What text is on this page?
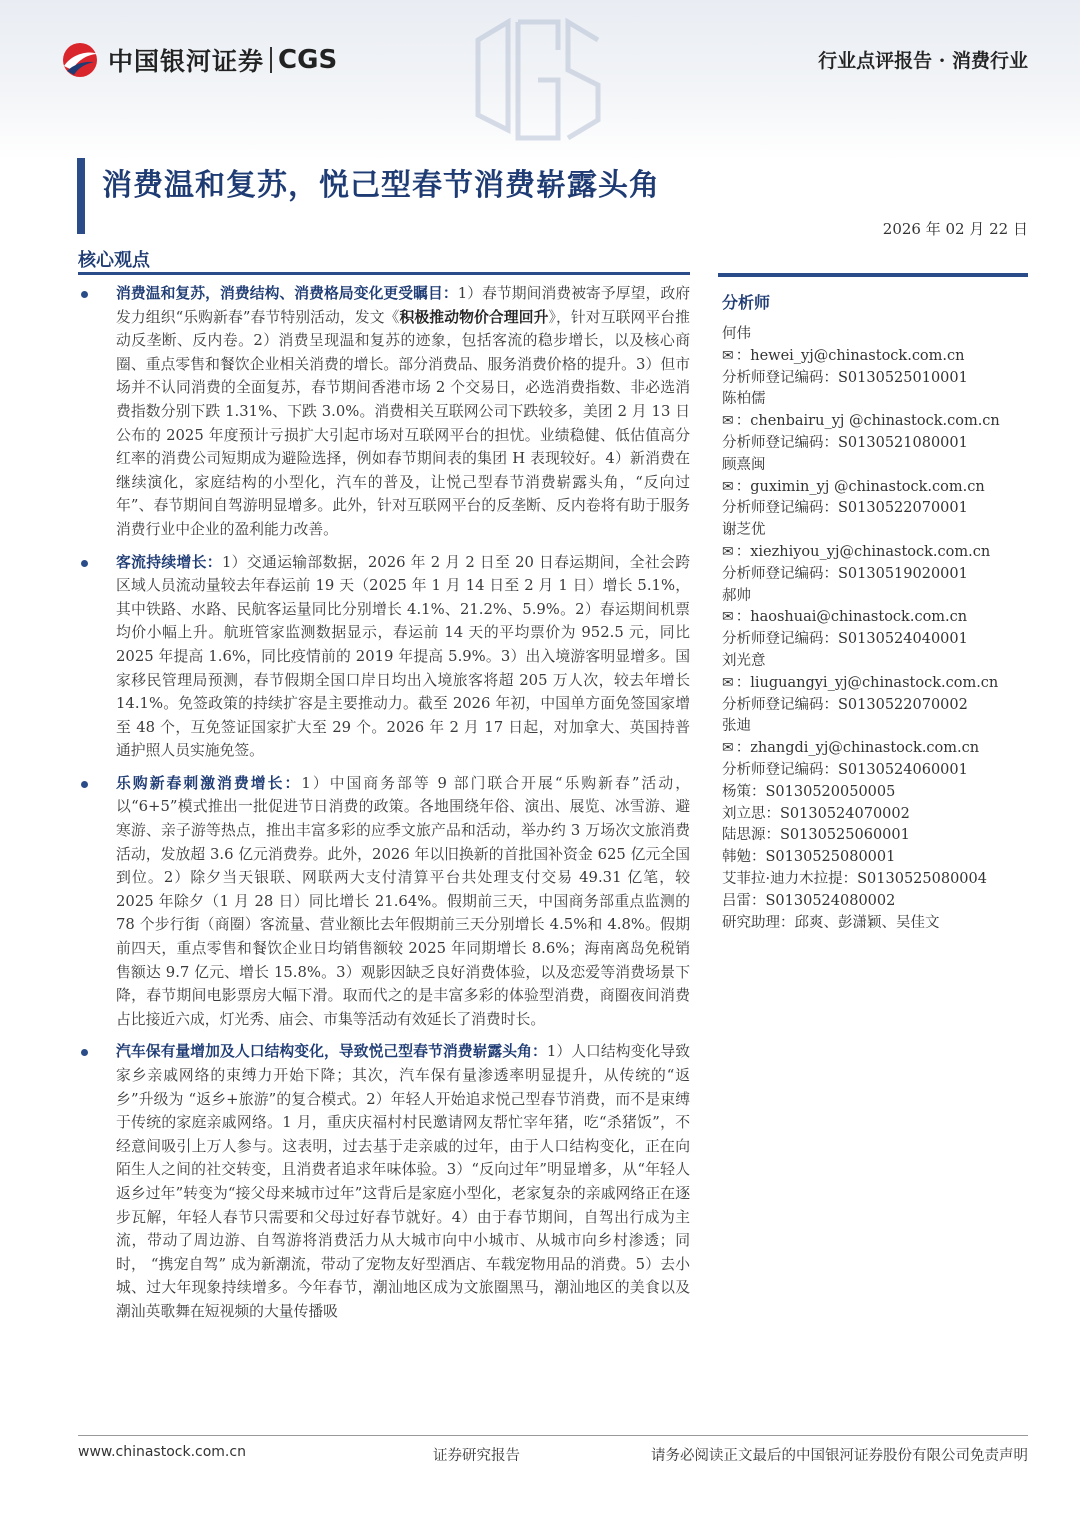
中国银河证券 CGS	行业点评报告 · 消费行业
消费温和复苏，悦己型春节消费崭露头角
2026 年 02 月 22 日
核心观点

消费温和复苏，消费结构、消费格局变化更受瞩目：1）春节期间消费被寄予厚望，政府发力组织“乐购新春”春节特别活动，发文《积极推动物价合理回升》，针对互联网平台推动反垄断、反内卷。2）消费呈现温和复苏的迹象，包括客流的稳步增长，以及核心商圈、重点零售和餐饮企业相关消费的增长。部分消费品、服务消费价格的提升。3）但市场并不认同消费的全面复苏，春节期间香港市场 2 个交易日，必选消费指数、非必选消费指数分别下跌 1.31%、下跌 3.0%。消费相关互联网公司下跌较多，美团 2 月 13 日公布的 2025 年度预计亏损扩大引起市场对互联网平台的担忧。业绩稳健、低估值高分红率的消费公司短期成为避险选择，例如春节期间表的集团 H 表现较好。4）新消费在继续演化，家庭结构的小型化，汽车的普及，让悦己型春节消费崭露头角，“反向过年”、春节期间自驾游明显增多。此外，针对互联网平台的反垄断、反内卷将有助于服务消费行业中企业的盈利能力改善。

客流持续增长：1）交通运输部数据，2026 年 2 月 2 日至 20 日春运期间，全社会跨区域人员流动量较去年春运前 19 天（2025 年 1 月 14 日至 2 月 1 日）增长 5.1%，其中铁路、水路、民航客运量同比分别增长 4.1%、21.2%、5.9%。2）春运期间机票均价小幅上升。航班管家监测数据显示，春运前 14 天的平均票价为 952.5 元，同比 2025 年提高 1.6%，同比疫情前的 2019 年提高 5.9%。3）出入境游客明显增多。国家移民管理局预测，春节假期全国口岸日均出入境旅客将超 205 万人次，较去年增长 14.1%。免签政策的持续扩容是主要推动力。截至 2026 年初，中国单方面免签国家增至 48 个，互免签证国家扩大至 29 个。2026 年 2 月 17 日起，对加拿大、英国持普通护照人员实施免签。

乐购新春刺激消费增长：1）中国商务部等 9 部门联合开展“乐购新春”活动，以“6+5”模式推出一批促进节日消费的政策。各地围绕年俗、演出、展览、冰雪游、避寒游、亲子游等热点，推出丰富多彩的应季文旅产品和活动，举办约 3 万场次文旅消费活动，发放超 3.6 亿元消费券。此外，2026 年以旧换新的首批国补资金 625 亿元全国到位。2）除夕当天银联、网联两大支付清算平台共处理支付交易 49.31 亿笔，较 2025 年除夕（1 月 28 日）同比增长 21.64%。假期前三天，中国商务部重点监测的 78 个步行街（商圈）客流量、营业额比去年假期前三天分别增长 4.5%和 4.8%。假期前四天，重点零售和餐饮企业日均销售额较 2025 年同期增长 8.6%；海南离岛免税销售额达 9.7 亿元、增长 15.8%。3）观影因缺乏良好消费体验，以及恋爱等消费场景下降，春节期间电影票房大幅下滑。取而代之的是丰富多彩的体验型消费，商圈夜间消费占比接近六成，灯光秀、庙会、市集等活动有效延长了消费时长。

汽车保有量增加及人口结构变化，导致悦己型春节消费崭露头角：1）人口结构变化导致家乡亲戚网络的束缚力开始下降；其次，汽车保有量渗透率明显提升，从传统的“返乡”升级为 “返乡+旅游”的复合模式。2）年轻人开始追求悦己型春节消费，而不是束缚于传统的家庭亲戚网络。1 月，重庆庆福村村民邀请网友帮忙宰年猪，吃“杀猪饭”，不经意间吸引上万人参与。这表明，过去基于走亲戚的过年，由于人口结构变化，正在向陌生人之间的社交转变，且消费者追求年味体验。3）“反向过年”明显增多，从“年轻人返乡过年”转变为“接父母来城市过年”这背后是家庭小型化，老家复杂的亲戚网络正在逐步瓦解，年轻人春节只需要和父母过好春节就好。4）由于春节期间，自驾出行成为主流，带动了周边游、自驾游将消费活力从大城市向中小城市、从城市向乡村渗透；同时， “携宠自驾” 成为新潮流，带动了宠物友好型酒店、车载宠物用品的消费。5）去小城、过大年现象持续增多。今年春节，潮汕地区成为文旅圈黑马，潮汕地区的美食以及潮汕英歌舞在短视频的大量传播吸

分析师
何伟
✉ ：hewei_yj@chinastock.com.cn
分析师登记编码：S0130525010001
陈柏儒
✉ ：chenbairu_yj @chinastock.com.cn
分析师登记编码：S0130521080001
顾熹闽
✉ ：guximin_yj @chinastock.com.cn
分析师登记编码：S0130522070001
谢芝优
✉ ：xiezhiyou_yj@chinastock.com.cn
分析师登记编码：S0130519020001
郝帅
✉ ：haoshuai@chinastock.com.cn
分析师登记编码：S0130524040001
刘光意
✉ ：liuguangyi_yj@chinastock.com.cn
分析师登记编码：S0130522070002
张迪
✉ ：zhangdi_yj@chinastock.com.cn
分析师登记编码：S0130524060001
杨策：S0130520050005
刘立思：S0130524070002
陆思源：S0130525060001
韩勉：S0130525080001
艾菲拉·迪力木拉提：S0130525080004
吕雷：S0130524080002
研究助理：邱爽、彭潇颖、吴佳文
www.chinastock.com.cn	证券研究报告	请务必阅读正文最后的中国银河证券股份有限公司免责声明
